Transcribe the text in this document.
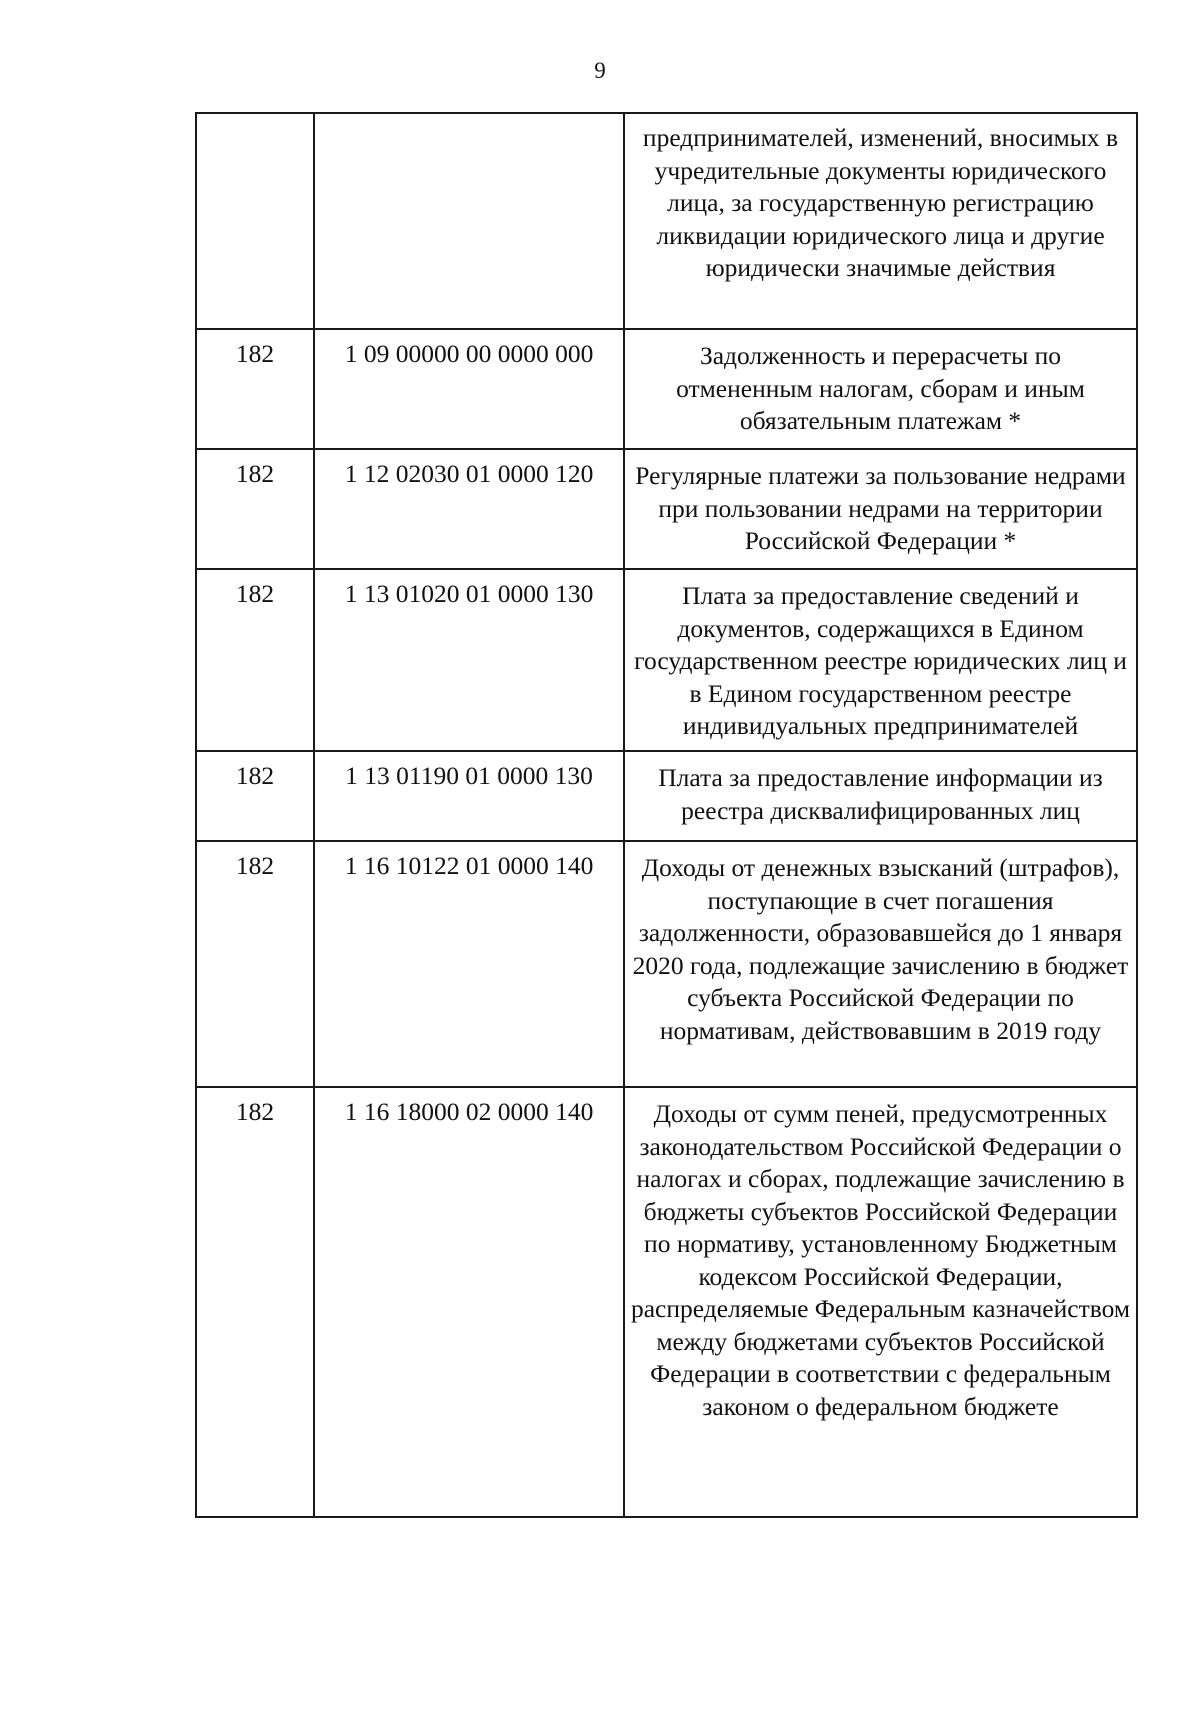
9
		предпринимателей, изменений, вносимых в учредительные документы юридического лица, за государственную регистрацию ликвидации юридического лица и другие юридически значимые действия
182	1 09 00000 00 0000 000	Задолженность и перерасчеты по отмененным налогам, сборам и иным обязательным платежам *
182	1 12 02030 01 0000 120	Регулярные платежи за пользование недрами при пользовании недрами на территории Российской Федерации *
182	1 13 01020 01 0000 130	Плата за предоставление сведений и документов, содержащихся в Едином государственном реестре юридических лиц и в Едином государственном реестре индивидуальных предпринимателей
182	1 13 01190 01 0000 130	Плата за предоставление информации из реестра дисквалифицированных лиц
182	1 16 10122 01 0000 140	Доходы от денежных взысканий (штрафов), поступающие в счет погашения задолженности, образовавшейся до 1 января 2020 года, подлежащие зачислению в бюджет субъекта Российской Федерации по нормативам, действовавшим в 2019 году
182	1 16 18000 02 0000 140	Доходы от сумм пеней, предусмотренных законодательством Российской Федерации о налогах и сборах, подлежащие зачислению в бюджеты субъектов Российской Федерации по нормативу, установленному Бюджетным кодексом Российской Федерации, распределяемые Федеральным казначейством между бюджетами субъектов Российской Федерации в соответствии с федеральным законом о федеральном бюджете
